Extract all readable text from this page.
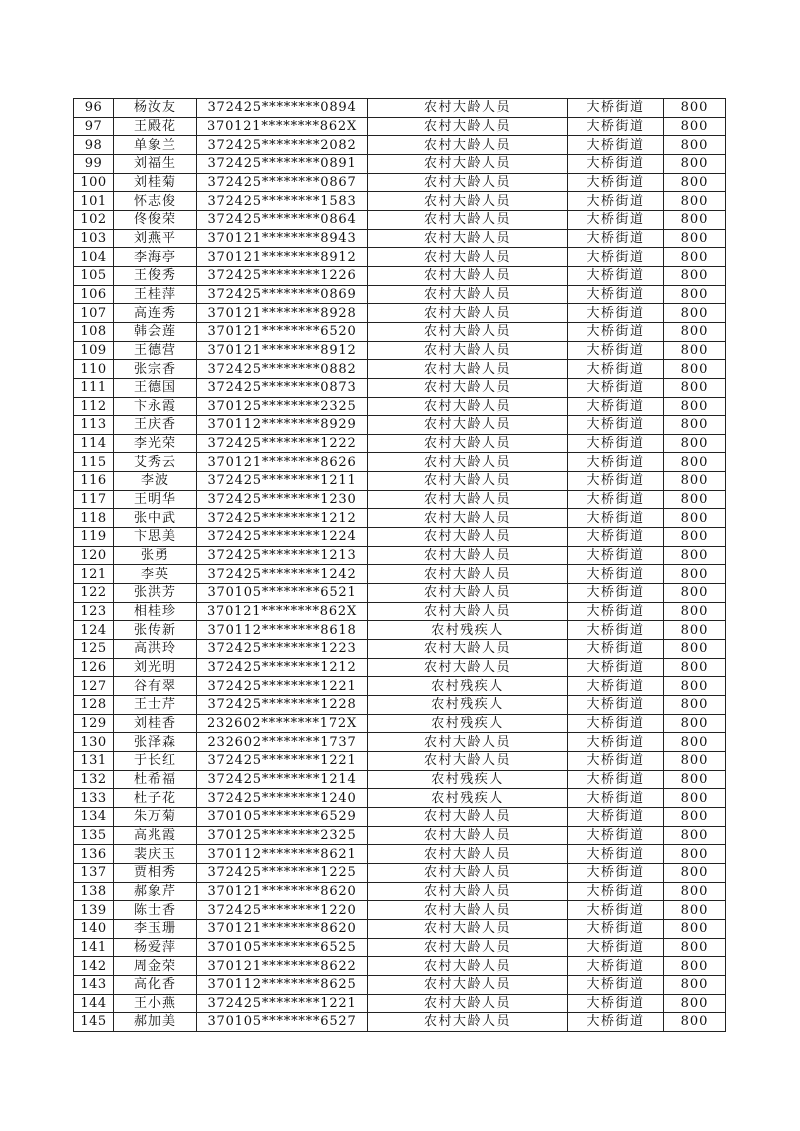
96	杨汝友	372425********0894	农村大龄人员	大桥街道	800
97	王殿花	370121********862X	农村大龄人员	大桥街道	800
98	单象兰	372425********2082	农村大龄人员	大桥街道	800
99	刘福生	372425********0891	农村大龄人员	大桥街道	800
100	刘桂菊	372425********0867	农村大龄人员	大桥街道	800
101	怀志俊	372425********1583	农村大龄人员	大桥街道	800
102	佟俊荣	372425********0864	农村大龄人员	大桥街道	800
103	刘燕平	370121********8943	农村大龄人员	大桥街道	800
104	李海亭	370121********8912	农村大龄人员	大桥街道	800
105	王俊秀	372425********1226	农村大龄人员	大桥街道	800
106	王桂萍	372425********0869	农村大龄人员	大桥街道	800
107	高连秀	370121********8928	农村大龄人员	大桥街道	800
108	韩会莲	370121********6520	农村大龄人员	大桥街道	800
109	王德营	370121********8912	农村大龄人员	大桥街道	800
110	张宗香	372425********0882	农村大龄人员	大桥街道	800
111	王德国	372425********0873	农村大龄人员	大桥街道	800
112	卞永霞	370125********2325	农村大龄人员	大桥街道	800
113	王庆香	370112********8929	农村大龄人员	大桥街道	800
114	李光荣	372425********1222	农村大龄人员	大桥街道	800
115	艾秀云	370121********8626	农村大龄人员	大桥街道	800
116	李波	372425********1211	农村大龄人员	大桥街道	800
117	王明华	372425********1230	农村大龄人员	大桥街道	800
118	张中武	372425********1212	农村大龄人员	大桥街道	800
119	卞思美	372425********1224	农村大龄人员	大桥街道	800
120	张勇	372425********1213	农村大龄人员	大桥街道	800
121	李英	372425********1242	农村大龄人员	大桥街道	800
122	张洪芳	370105********6521	农村大龄人员	大桥街道	800
123	相桂珍	370121********862X	农村大龄人员	大桥街道	800
124	张传新	370112********8618	农村残疾人	大桥街道	800
125	高洪玲	372425********1223	农村大龄人员	大桥街道	800
126	刘光明	372425********1212	农村大龄人员	大桥街道	800
127	谷有翠	372425********1221	农村残疾人	大桥街道	800
128	王士芹	372425********1228	农村残疾人	大桥街道	800
129	刘桂香	232602********172X	农村残疾人	大桥街道	800
130	张泽森	232602********1737	农村大龄人员	大桥街道	800
131	于长红	372425********1221	农村大龄人员	大桥街道	800
132	杜希福	372425********1214	农村残疾人	大桥街道	800
133	杜子花	372425********1240	农村残疾人	大桥街道	800
134	朱万菊	370105********6529	农村大龄人员	大桥街道	800
135	高兆霞	370125********2325	农村大龄人员	大桥街道	800
136	裴庆玉	370112********8621	农村大龄人员	大桥街道	800
137	贾相秀	372425********1225	农村大龄人员	大桥街道	800
138	郝象芹	370121********8620	农村大龄人员	大桥街道	800
139	陈士香	372425********1220	农村大龄人员	大桥街道	800
140	李玉珊	370121********8620	农村大龄人员	大桥街道	800
141	杨爱萍	370105********6525	农村大龄人员	大桥街道	800
142	周金荣	370121********8622	农村大龄人员	大桥街道	800
143	高化香	370112********8625	农村大龄人员	大桥街道	800
144	王小燕	372425********1221	农村大龄人员	大桥街道	800
145	郝加美	370105********6527	农村大龄人员	大桥街道	800
